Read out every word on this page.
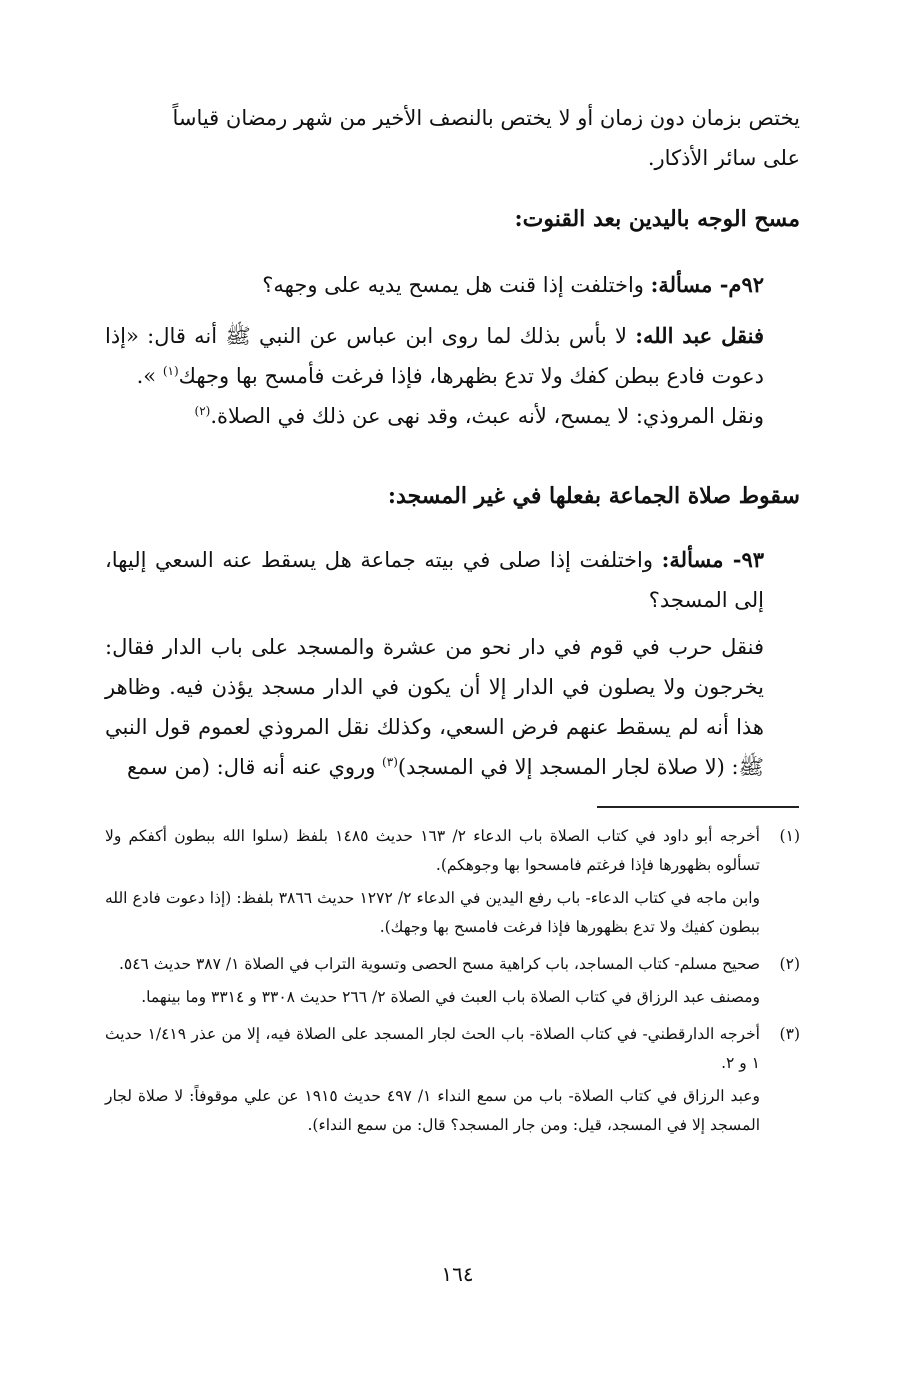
يختص بزمان دون زمان أو لا يختص بالنصف الأخير من شهر رمضان قياساً

على سائر الأذكار.

مسح الوجه باليدين بعد القنوت:

٩٢م- مسألة: واختلفت إذا قنت هل يمسح يديه على وجهه؟

فنقل عبد الله: لا بأس بذلك لما روى ابن عباس عن النبي ﷺ أنه قال: «إذا دعوت فادع ببطن كفك ولا تدع بظهرها، فإذا فرغت فأمسح بها وجهك$^{(١)}$ ».

ونقل المروذي: لا يمسح، لأنه عبث، وقد نهى عن ذلك في الصلاة.$^{(٢)}$

سقوط صلاة الجماعة بفعلها في غير المسجد:

٩٣- مسألة: واختلفت إذا صلى في بيته جماعة هل يسقط عنه السعي إليها، إلى المسجد؟

فنقل حرب في قوم في دار نحو من عشرة والمسجد على باب الدار فقال: يخرجون ولا يصلون في الدار إلا أن يكون في الدار مسجد يؤذن فيه. وظاهر هذا أنه لم يسقط عنهم فرض السعي، وكذلك نقل المروذي لعموم قول النبي ﷺ: (لا صلاة لجار المسجد إلا في المسجد)$^{(٣)}$ وروي عنه أنه قال: (من سمع

(١)

أخرجه أبو داود في كتاب الصلاة باب الدعاء ٢/ ١٦٣ حديث ١٤٨٥ بلفظ (سلوا الله ببطون أكفكم ولا تسألوه بظهورها فإذا فرغتم فامسحوا بها وجوهكم).

وابن ماجه في كتاب الدعاء- باب رفع اليدين في الدعاء ٢/ ١٢٧٢ حديث ٣٨٦٦ بلفظ: (إذا دعوت فادع الله ببطون كفيك ولا تدع بظهورها فإذا فرغت فامسح بها وجهك).

(٢)

صحيح مسلم- كتاب المساجد، باب كراهية مسح الحصى وتسوية التراب في الصلاة ١/ ٣٨٧ حديث ٥٤٦.

ومصنف عبد الرزاق في كتاب الصلاة باب العبث في الصلاة ٢/ ٢٦٦ حديث ٣٣٠٨ و ٣٣١٤ وما بينهما.

(٣)

أخرجه الدارقطني- في كتاب الصلاة- باب الحث لجار المسجد على الصلاة فيه، إلا من عذر ١/٤١٩ حديث ١ و ٢.

وعبد الرزاق في كتاب الصلاة- باب من سمع النداء ١/ ٤٩٧ حديث ١٩١٥ عن علي موقوفاً: لا صلاة لجار المسجد إلا في المسجد، قيل: ومن جار المسجد؟ قال: من سمع النداء).

١٦٤
